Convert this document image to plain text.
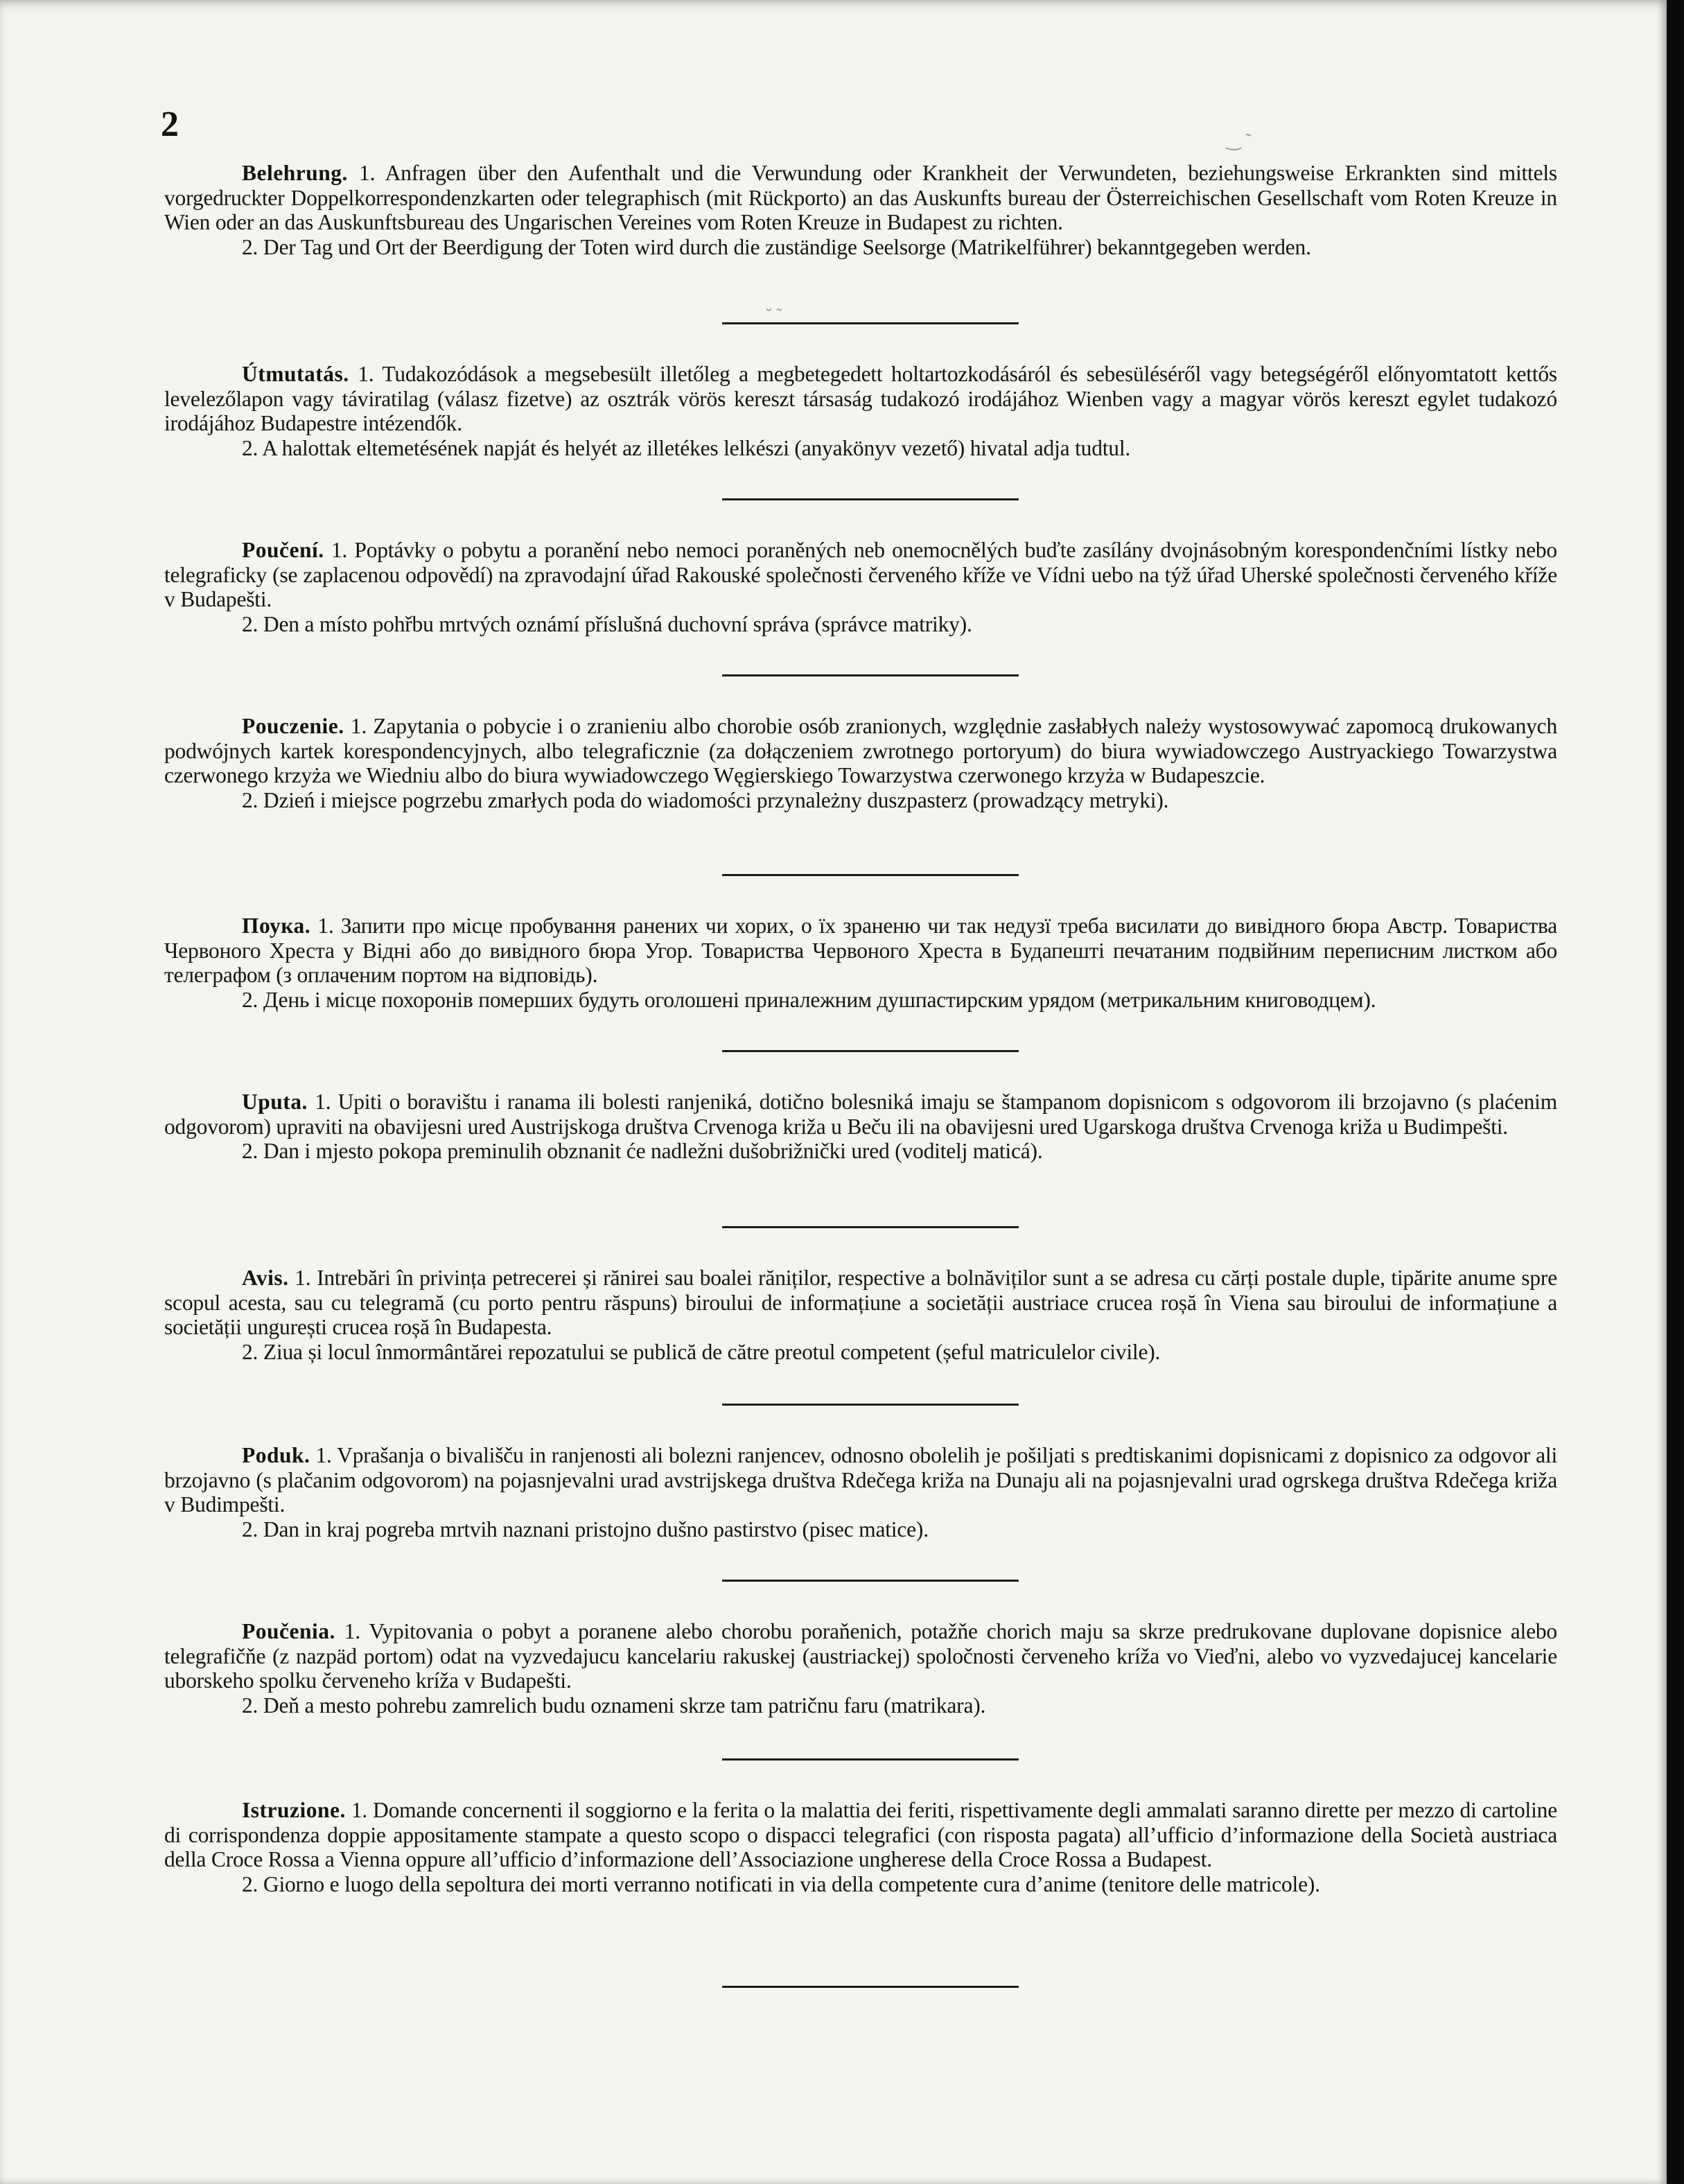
2	‿ ˜
˘ ˜

Belehrung. 1. Anfragen über den Aufenthalt und die Verwundung oder Krankheit der Verwundeten, beziehungsweise Erkrankten sind mittels vorgedruckter Doppelkorrespondenzkarten oder telegraphisch (mit Rückporto) an das Auskunfts bureau der Österreichischen Gesellschaft vom Roten Kreuze in Wien oder an das Auskunftsbureau des Ungarischen Vereines vom Roten Kreuze in Budapest zu richten.

2. Der Tag und Ort der Beerdigung der Toten wird durch die zuständige Seelsorge (Matrikelführer) bekanntgegeben werden.

Útmutatás. 1. Tudakozódások a megsebesült illetőleg a megbetegedett holtartozkodásáról és sebesüléséről vagy betegségéről előnyomtatott kettős levelezőlapon vagy táviratilag (válasz fizetve) az osztrák vörös kereszt társaság tudakozó irodájához Wienben vagy a magyar vörös kereszt egylet tudakozó irodájához Budapestre intézendők.

2. A halottak eltemetésének napját és helyét az illetékes lelkészi (anyakönyv vezető) hivatal adja tudtul.

Poučení. 1. Poptávky o pobytu a poranění nebo nemoci poraněných neb onemocnělých buďte zasílány dvojnásobným korespondenčními lístky nebo telegraficky (se zaplacenou odpovědí) na zpravodajní úřad Rakouské společnosti červeného kříže ve Vídni uebo na týž úřad Uherské společnosti červeného kříže v Budapešti.

2. Den a místo pohřbu mrtvých oznámí příslušná duchovní správa (správce matriky).

Pouczenie. 1. Zapytania o pobycie i o zranieniu albo chorobie osób zranionych, względnie zasłabłych należy wystosowywać zapomocą drukowanych podwójnych kartek korespondencyjnych, albo telegraficznie (za dołączeniem zwrotnego portoryum) do biura wywiadowczego Austryackiego Towarzystwa czerwonego krzyża we Wiedniu albo do biura wywiadowczego Węgierskiego Towarzystwa czerwonego krzyża w Budapeszcie.

2. Dzień i miejsce pogrzebu zmarłych poda do wiadomości przynależny duszpasterz (prowadzący metryki).

Поука. 1. Запити про місце пробування ранених чи хорих, о їх зраненю чи так недузї треба висилати до вивідного бюра Австр. Товариства Червоного Хреста у Відні або до вивідного бюра Угор. Товариства Червоного Хреста в Будапешті печатаним подвійним переписним листком або телеграфом (з оплаченим портом на відповідь).

2. День і місце похоронів померших будуть оголошені приналежним душпастирским урядом (метрикальним книговодцем).

Uputa. 1. Upiti o boravištu i ranama ili bolesti ranjeniká, dotično bolesniká imaju se štampanom dopisnicom s odgovorom ili brzojavno (s plaćenim odgovorom) upraviti na obavijesni ured Austrijskoga društva Crvenoga križa u Beču ili na obavijesni ured Ugarskoga društva Crvenoga križa u Budimpešti.

2. Dan i mjesto pokopa preminulih obznanit će nadležni dušobrižnički ured (voditelj maticá).

Avis. 1. Intrebări în privința petrecerei și rănirei sau boalei răniților, respective a bolnăviților sunt a se adresa cu cărți postale duple, tipărite anume spre scopul acesta, sau cu telegramă (cu porto pentru răspuns) biroului de informațiune a societății austriace crucea roșă în Viena sau biroului de informațiune a societății ungurești crucea roșă în Budapesta.

2. Ziua și locul înmormântărei repozatului se publică de către preotul competent (șeful matriculelor civile).

Poduk. 1. Vprašanja o bivališču in ranjenosti ali bolezni ranjencev, odnosno obolelih je pošiljati s predtiskanimi dopisnicami z dopisnico za odgovor ali brzojavno (s plačanim odgovorom) na pojasnjevalni urad avstrijskega društva Rdečega križa na Dunaju ali na pojasnjevalni urad ogrskega društva Rdečega križa v Budimpešti.

2. Dan in kraj pogreba mrtvih naznani pristojno dušno pastirstvo (pisec matice).

Poučenia. 1. Vypitovania o pobyt a poranene alebo chorobu poraňenich, potažňe chorich maju sa skrze predrukovane duplovane dopisnice alebo telegrafičňe (z nazpäd portom) odat na vyzvedajucu kancelariu rakuskej (austriackej) spoločnosti červeneho kríža vo Vieďni, alebo vo vyzvedajucej kancelarie uborskeho spolku červeneho kríža v Budapešti.

2. Deň a mesto pohrebu zamrelich budu oznameni skrze tam patričnu faru (matrikara).

Istruzione. 1. Domande concernenti il soggiorno e la ferita o la malattia dei feriti, rispettivamente degli ammalati saranno dirette per mezzo di cartoline di corrispondenza doppie appositamente stampate a questo scopo o dispacci telegrafici (con risposta pagata) all’ufficio d’informazione della Società austriaca della Croce Rossa a Vienna oppure all’ufficio d’informazione dell’Associazione ungherese della Croce Rossa a Budapest.

2. Giorno e luogo della sepoltura dei morti verranno notificati in via della competente cura d’anime (tenitore delle matricole).
